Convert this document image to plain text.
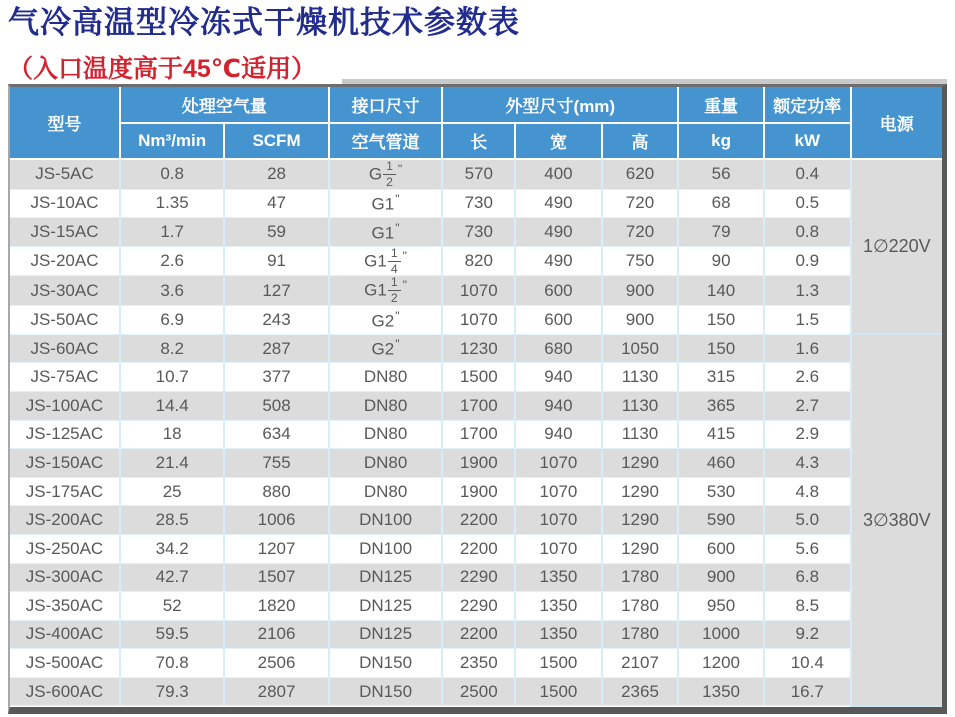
气冷高温型冷冻式干燥机技术参数表
（入口温度高于45℃适用）
型号	处理空气量		接口尺寸	外型尺寸(mm)			重量	额定功率	电源
	Nm³/min	SCFM	空气管道	长	宽	高	kg	kW	
JS-5AC	0.8	28	G $\frac{1}{2} ^"$	570	400	620	56	0.4	1∅220V
JS-10AC	1.35	47	G1"	730	490	720	68	0.5	
JS-15AC	1.7	59	G1"	730	490	720	79	0.8	
JS-20AC	2.6	91	$G1 \frac{1}{4} ^"$	820	490	750	90	0.9	
JS-30AC	3.6	127	$G1 \frac{1}{2} ^"$	1070	600	900	140	1.3	
JS-50AC	6.9	243	G2"	1070	600	900	150	1.5	
JS-60AC	8.2	287	G2"	1230	680	1050	150	1.6	3∅380V
JS-75AC	10.7	377	DN80	1500	940	1130	315	2.6	
JS-100AC	14.4	508	DN80	1700	940	1130	365	2.7	
JS-125AC	18	634	DN80	1700	940	1130	415	2.9	
JS-150AC	21.4	755	DN80	1900	1070	1290	460	4.3	
JS-175AC	25	880	DN80	1900	1070	1290	530	4.8	
JS-200AC	28.5	1006	DN100	2200	1070	1290	590	5.0	
JS-250AC	34.2	1207	DN100	2200	1070	1290	600	5.6	
JS-300AC	42.7	1507	DN125	2290	1350	1780	900	6.8	
JS-350AC	52	1820	DN125	2290	1350	1780	950	8.5	
JS-400AC	59.5	2106	DN125	2200	1350	1780	1000	9.2	
JS-500AC	70.8	2506	DN150	2350	1500	2107	1200	10.4	
JS-600AC	79.3	2807	DN150	2500	1500	2365	1350	16.7	
